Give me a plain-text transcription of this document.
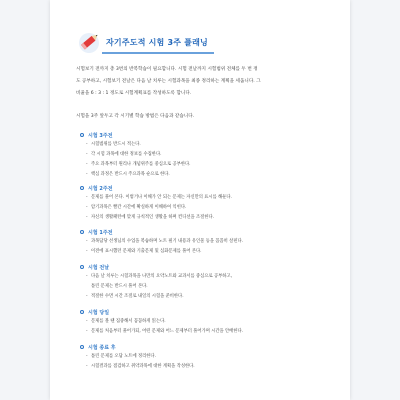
자기주도적 시험 3주 플래닝

시험보기 전까지 총 3번의 반복학습이 필요합니다. 시험 전날까지 시험범위 전체를 두 번 정

도 공부하고, 시험보기 전날은 다음 날 치루는 시험과목을 최종 정리하는 계획을 세웁니다. 그

비율을 6 : 3 : 1 정도로 시험계획표를 작성하도록 합니다.

시험을 3주 앞두고 각 시기별 학습 방법은 다음과 같습니다.
시험 3주전
- 시험범위를 반드시 적는다.
- 각 시험 과목에 대한 정보를 수집한다.
- 주요 과목부터 원리나 개념위주를 중심으로 공부한다.
- 핵심 과정은 반드시 주요과목 순으로 한다.
시험 2주전
- 문제를 풀어 본다. 이렇거나 이해가 안 되는 문제는 자신만의 표시를 해둔다.
- 암기과목은 빨간 시간에 확실하게 이해하여 익힌다.
- 자신의 생활패턴에 맞게 규칙적인 생활을 하며 컨디션을 조절한다.
시험 1주전
- 과목담당 선생님의 수업을 복습하며 노트 필기 내용과 유인물 등을 꼼꼼히 살핀다.
- 이전에 표시했던 문제와 기출문제 및 심화문제를 풀어 본다.
시험 전날
- 다음 날 치루는 시험과목을 나만의 요약노트와 교과서를 중심으로 공부하고,
틀린 문제는 반드시 풀어 본다.
- 적절한 수면 시간 조절로 내일의 시험을 준비한다.
시험 당일
- 문제를 볼 땐 집중해서 꼼꼼하게 읽는다.
- 문제를 처음부터 풀어가되, 어떤 문제와 어느 문제부터 풀어가며 시간을 안배한다.
시험 종료 후
- 틀린 문제를 오답 노트에 정리한다.
- 시험결과를 점검하고 취약과목에 대한 계획을 작성한다.
